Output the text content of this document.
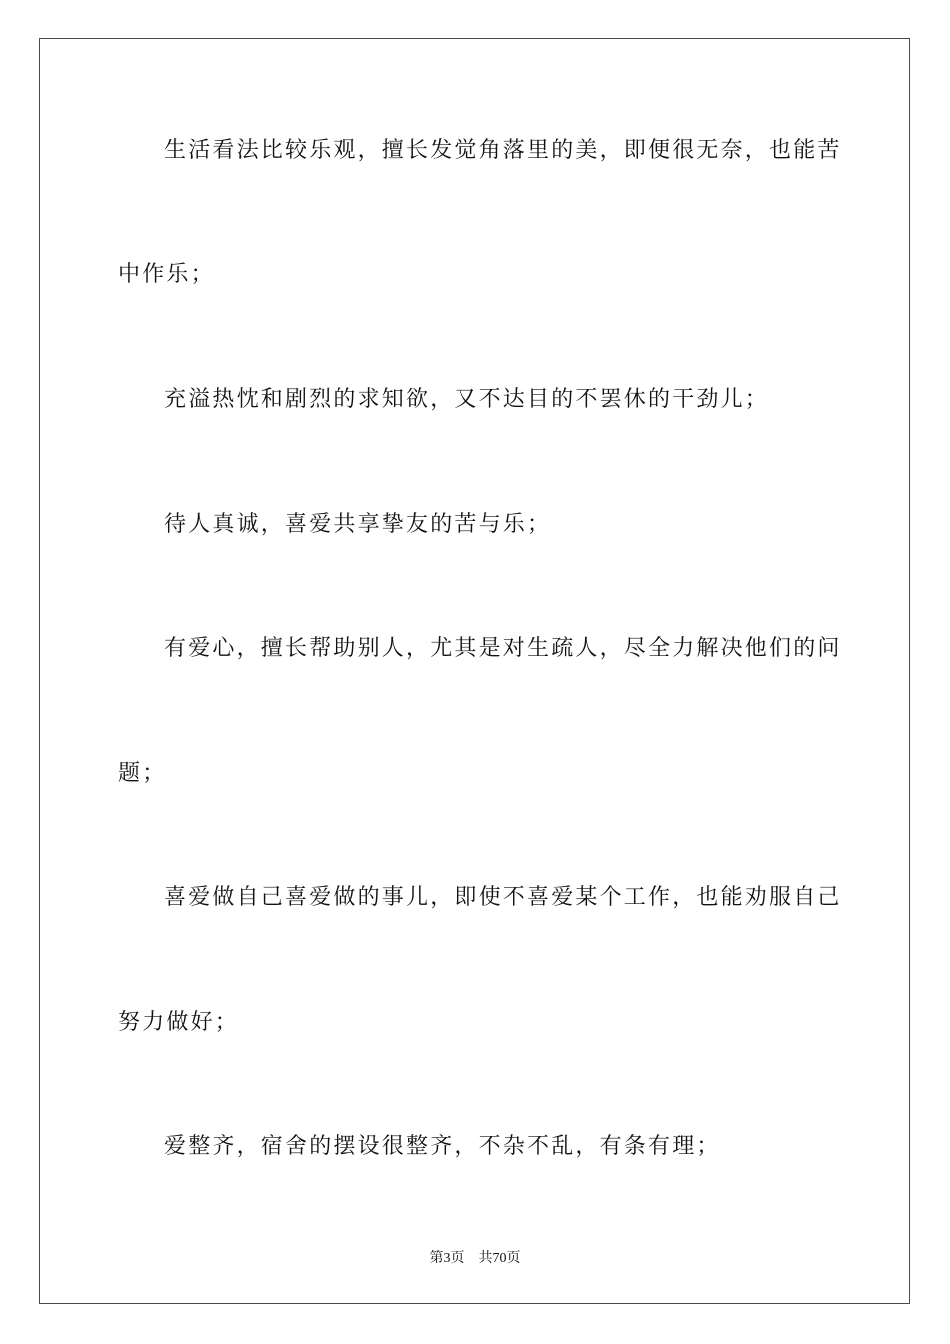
生活看法比较乐观，擅长发觉角落里的美，即便很无奈，也能苦
中作乐；
充溢热忱和剧烈的求知欲，又不达目的不罢休的干劲儿；
待人真诚，喜爱共享挚友的苦与乐；
有爱心，擅长帮助别人，尤其是对生疏人，尽全力解决他们的问
题；
喜爱做自己喜爱做的事儿，即使不喜爱某个工作，也能劝服自己
努力做好；
爱整齐，宿舍的摆设很整齐，不杂不乱，有条有理；
第3页 共70页
